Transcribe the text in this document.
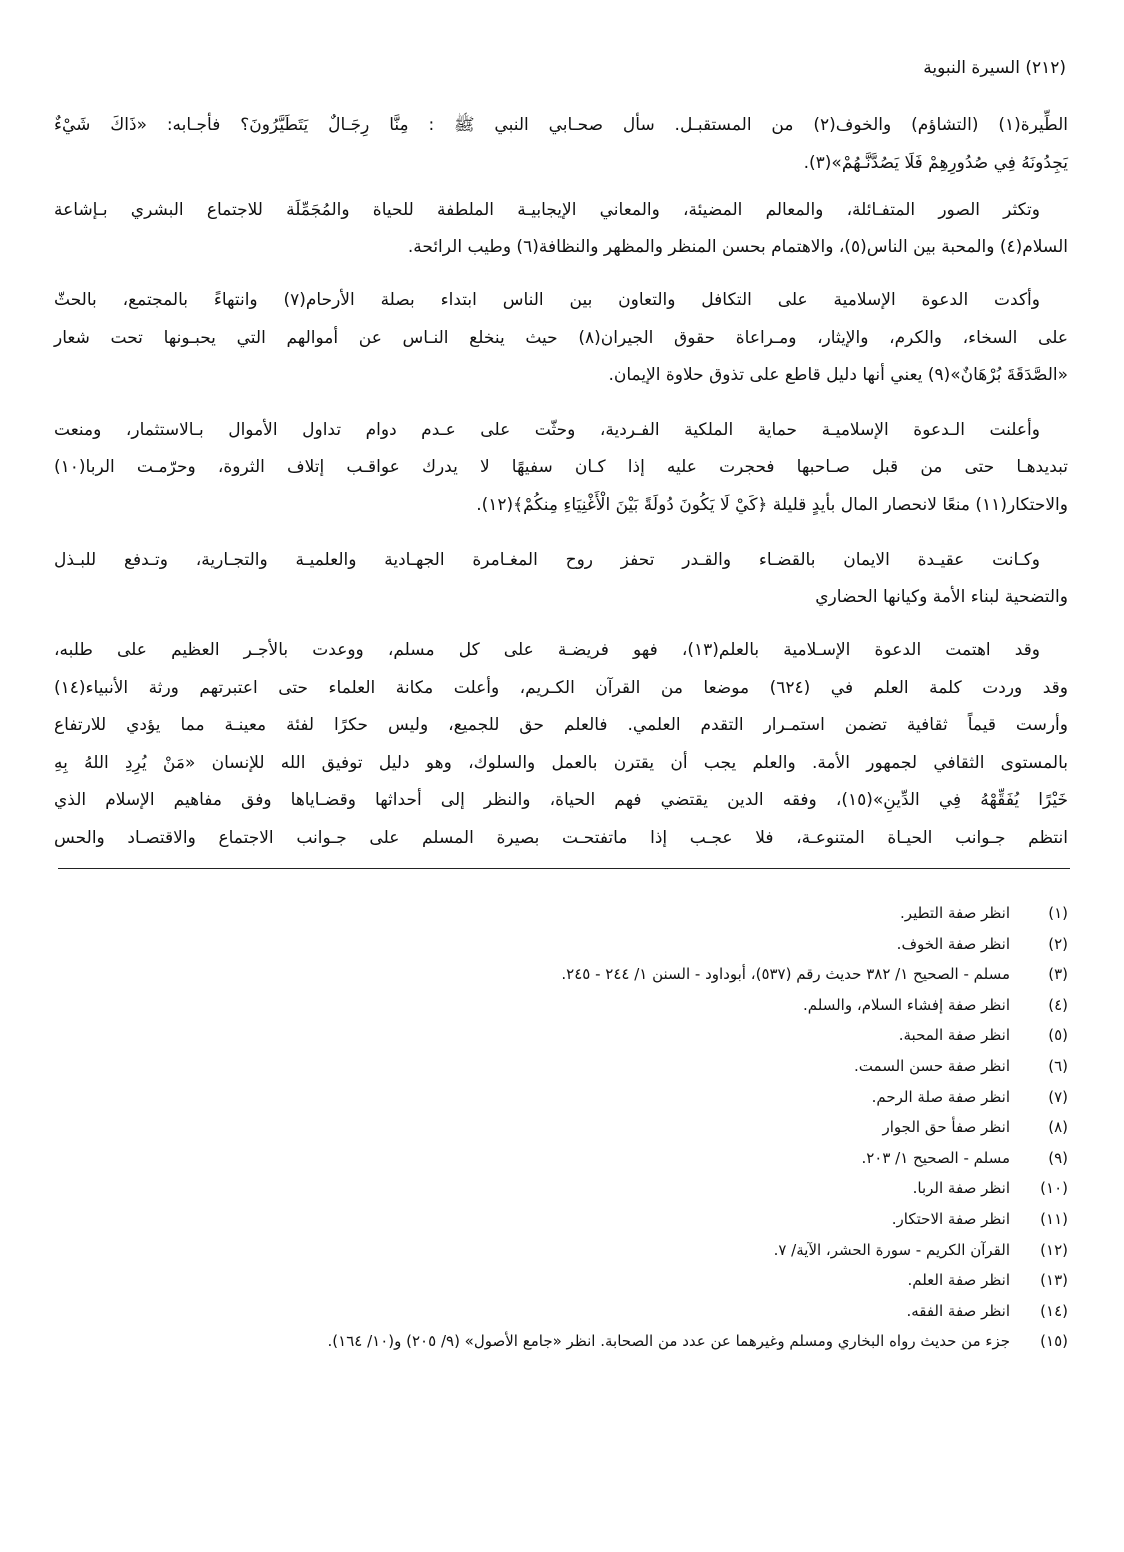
(٢١٢) السيرة النبوية
الطِّيرة(١) (التشاؤم) والخوف(٢) من المستقبـل. سأل صحـابي النبي ﷺ : مِنَّا رِجَـالٌ يَتَطَيَّرُونَ؟ فأجـابه: «ذَاكَ شَيْءٌ
يَجِدُونَهُ فِي صُدُورِهِمْ فَلَا يَصُدَّنَّـهُمْ»(٣).
وتكثر الصور المتفـائلة، والمعالم المضيئة، والمعاني الإيجابيـة الملطفة للحياة والمُجَمِّلَة للاجتماع البشري بـإشاعة
السلام(٤) والمحبة بين الناس(٥)، والاهتمام بحسن المنظر والمظهر والنظافة(٦) وطيب الرائحة.
وأكدت الدعوة الإسلامية على التكافل والتعاون بين الناس ابتداء بصلة الأرحام(٧) وانتهاءً بالمجتمع، بالحثّ
على السخاء، والكرم، والإيثار، ومـراعاة حقوق الجيران(٨) حيث ينخلع النـاس عن أموالهم التي يحبـونها تحت شعار
«الصَّدَقَةَ بُرْهَانٌ»(٩) يعني أنها دليل قاطع على تذوق حلاوة الإيمان.
وأعلنت الـدعوة الإسلاميـة حماية الملكية الفـردية، وحثّت على عـدم دوام تداول الأموال بـالاستثمار، ومنعت
تبديدهـا حتى من قبل صـاحبها فحجرت عليه إذا كـان سفيهًا لا يدرك عواقـب إتلاف الثروة، وحرّمـت الربا(١٠)
والاحتكار(١١) منعًا لانحصار المال بأيدٍ قليلة ﴿كَيْ لَا يَكُونَ دُولَةً بَيْنَ الْأَغْنِيَاءِ مِنكُمْ﴾(١٢).
وكـانت عقيـدة الايمان بالقضـاء والقـدر تحفز روح المغـامرة الجهـادية والعلميـة والتجـارية، وتـدفع للبـذل
والتضحية لبناء الأمة وكيانها الحضاري
وقد اهتمت الدعوة الإسـلامية بالعلم(١٣)، فهو فريضـة على كل مسلم، ووعدت بالأجـر العظيم على طلبه،
وقد وردت كلمة العلم في (٦٢٤) موضعا من القرآن الكـريم، وأعلت مكانة العلماء حتى اعتبرتهم ورثة الأنبياء(١٤)
وأرست قيماً ثقافية تضمن استمـرار التقدم العلمي. فالعلم حق للجميع، وليس حكرًا لفئة معينـة مما يؤدي للارتفاع
بالمستوى الثقافي لجمهور الأمة. والعلم يجب أن يقترن بالعمل والسلوك، وهو دليل توفيق الله للإنسان «مَنْ يُرِدِ اللهُ بِهِ
خَيْرًا يُفَقِّهْهُ فِي الدِّينِ»(١٥)، وفقه الدين يقتضي فهم الحياة، والنظر إلى أحداثها وقضـاياها وفق مفاهيم الإسلام الذي
انتظم جـوانب الحيـاة المتنوعـة، فلا عجـب إذا ماتفتحـت بصيرة المسلم على جـوانب الاجتماع والاقتصـاد والحس
(١)انظر صفة التطير.
(٢)انظر صفة الخوف.
(٣)مسلم - الصحيح ١/ ٣٨٢ حديث رقم (٥٣٧)، أبوداود - السنن ١/ ٢٤٤ - ٢٤٥.
(٤)انظر صفة إفشاء السلام، والسلم.
(٥)انظر صفة المحبة.
(٦)انظر صفة حسن السمت.
(٧)انظر صفة صلة الرحم.
(٨)انظر صفأ حق الجوار
(٩)مسلم - الصحيح ١/ ٢٠٣.
(١٠)انظر صفة الربا.
(١١)انظر صفة الاحتكار.
(١٢)القرآن الكريم - سورة الحشر، الآية/ ٧.
(١٣)انظر صفة العلم.
(١٤)انظر صفة الفقه.
(١٥)جزء من حديث رواه البخاري ومسلم وغيرهما عن عدد من الصحابة. انظر «جامع الأصول» (٩/ ٢٠٥) و(١٠/ ١٦٤).
